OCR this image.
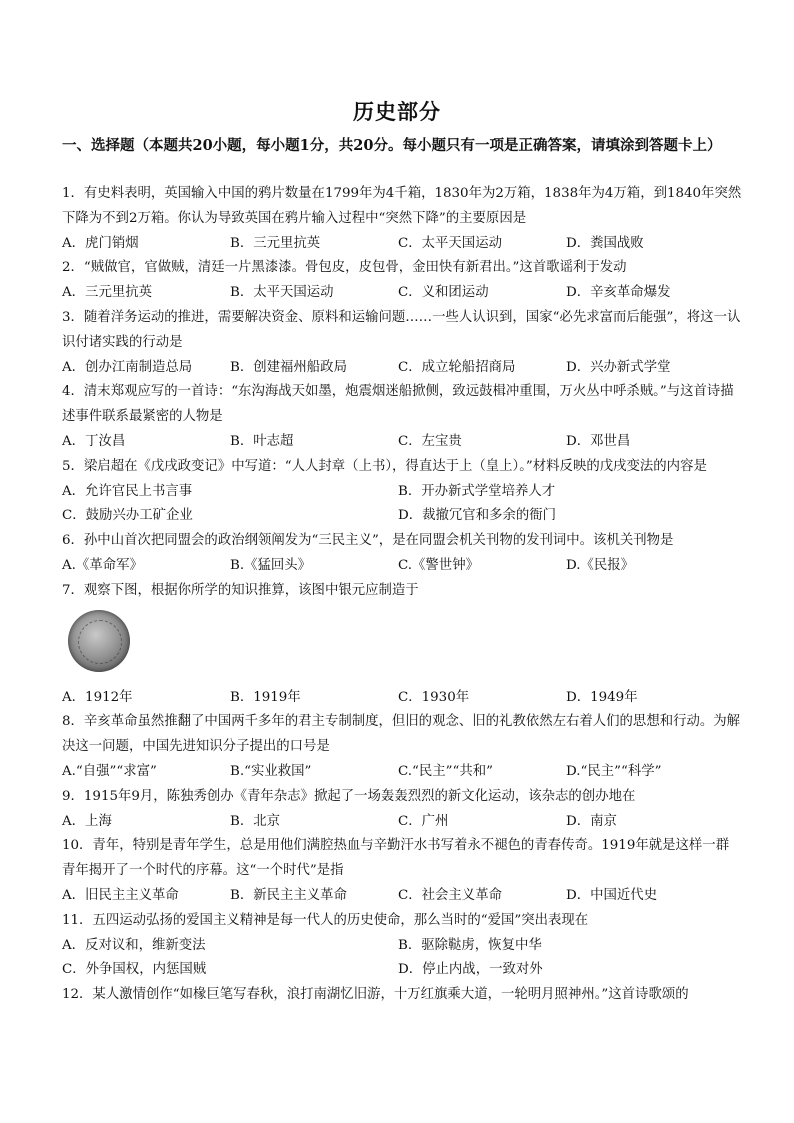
历史部分
一、选择题（本题共20小题，每小题1分，共20分。每小题只有一项是正确答案，请填涂到答题卡上）
1．有史料表明，英国输入中国的鸦片数量在1799年为4千箱，1830年为2万箱，1838年为4万箱，到1840年突然下降为不到2万箱。你认为导致英国在鸦片输入过程中“突然下降”的主要原因是
A．虎门销烟	B．三元里抗英	C．太平天国运动	D．粪国战败
2．“贼做官，官做贼，清廷一片黑漆漆。骨包皮，皮包骨，金田快有新君出。”这首歌谣利于发动
A．三元里抗英	B．太平天国运动	C．义和团运动	D．辛亥革命爆发
3．随着洋务运动的推进，需要解决资金、原料和运输问题……一些人认识到，国家“必先求富而后能强”，将这一认识付诸实践的行动是
A．创办江南制造总局	B．创建福州船政局	C．成立轮船招商局	D．兴办新式学堂
4．清末郑观应写的一首诗：“东沟海战天如墨，炮震烟迷船掀侧，致远鼓楫冲重围，万火丛中呼杀贼。”与这首诗描述事件联系最紧密的人物是
A．丁汝昌	B．叶志超	C．左宝贵	D．邓世昌
5．梁启超在《戊戌政变记》中写道：“人人封章（上书），得直达于上（皇上）。”材料反映的戊戌变法的内容是
A．允许官民上书言事	B．开办新式学堂培养人才
C．鼓励兴办工矿企业	D．裁撤冗官和多余的衙门
6．孙中山首次把同盟会的政治纲领阐发为“三民主义”，是在同盟会机关刊物的发刊词中。该机关刊物是
A.《革命军》	B.《猛回头》	C.《警世钟》	D.《民报》
7．观察下图，根据你所学的知识推算，该图中银元应制造于
A．1912年	B．1919年	C．1930年	D．1949年
8．辛亥革命虽然推翻了中国两千多年的君主专制制度，但旧的观念、旧的礼教依然左右着人们的思想和行动。为解决这一问题，中国先进知识分子提出的口号是
A.“自强”“求富”	B.“实业救国”	C.“民主”“共和”	D.“民主”“科学”
9．1915年9月，陈独秀创办《青年杂志》掀起了一场轰轰烈烈的新文化运动，该杂志的创办地在
A．上海	B．北京	C．广州	D．南京
10．青年，特别是青年学生，总是用他们满腔热血与辛勤汗水书写着永不褪色的青春传奇。1919年就是这样一群青年揭开了一个时代的序幕。这“一个时代”是指
A．旧民主主义革命	B．新民主主义革命	C．社会主义革命	D．中国近代史
11．五四运动弘扬的爱国主义精神是每一代人的历史使命，那么当时的“爱国”突出表现在
A．反对议和，维新变法	B．驱除鞑虏，恢复中华
C．外争国权，内惩国贼	D．停止内战，一致对外
12．某人激情创作“如椽巨笔写春秋，浪打南湖忆旧游，十万红旗乘大道，一轮明月照神州。”这首诗歌颂的
